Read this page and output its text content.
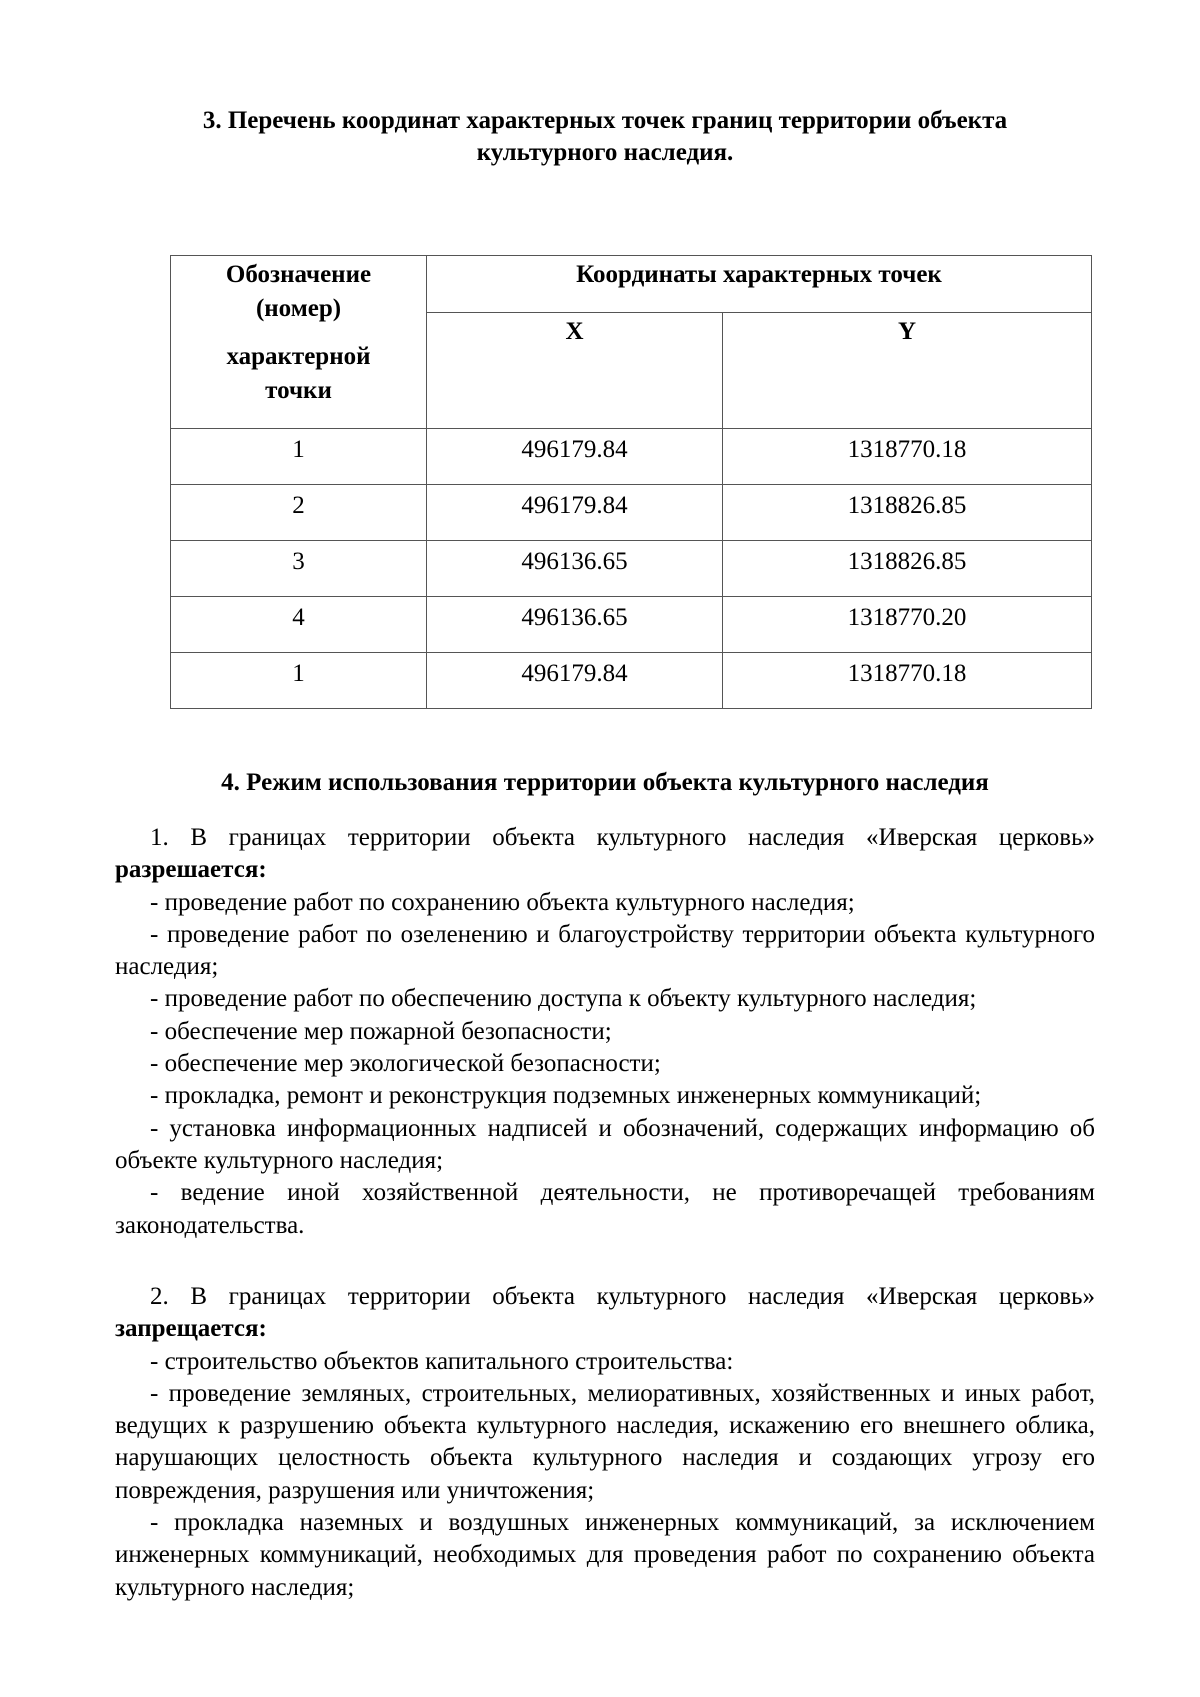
3. Перечень координат характерных точек границ территории объекта
культурного наследия.
Обозначение (номер)
характерной точки	Координаты характерных точек	
	X	Y
1	496179.84	1318770.18
2	496179.84	1318826.85
3	496136.65	1318826.85
4	496136.65	1318770.20
1	496179.84	1318770.18
4. Режим использования территории объекта культурного наследия

1. В границах территории объекта культурного наследия «Иверская церковь» разрешается:

- проведение работ по сохранению объекта культурного наследия;

- проведение работ по озеленению и благоустройству территории объекта культурного наследия;

- проведение работ по обеспечению доступа к объекту культурного наследия;

- обеспечение мер пожарной безопасности;

- обеспечение мер экологической безопасности;

- прокладка, ремонт и реконструкция подземных инженерных коммуникаций;

- установка информационных надписей и обозначений, содержащих информацию об объекте культурного наследия;

- ведение иной хозяйственной деятельности, не противоречащей требованиям законодательства.

2. В границах территории объекта культурного наследия «Иверская церковь» запрещается:

- строительство объектов капитального строительства:

- проведение земляных, строительных, мелиоративных, хозяйственных и иных работ, ведущих к разрушению объекта культурного наследия, искажению его внешнего облика, нарушающих целостность объекта культурного наследия и создающих угрозу его повреждения, разрушения или уничтожения;

- прокладка наземных и воздушных инженерных коммуникаций, за исключением инженерных коммуникаций, необходимых для проведения работ по сохранению объекта культурного наследия;
